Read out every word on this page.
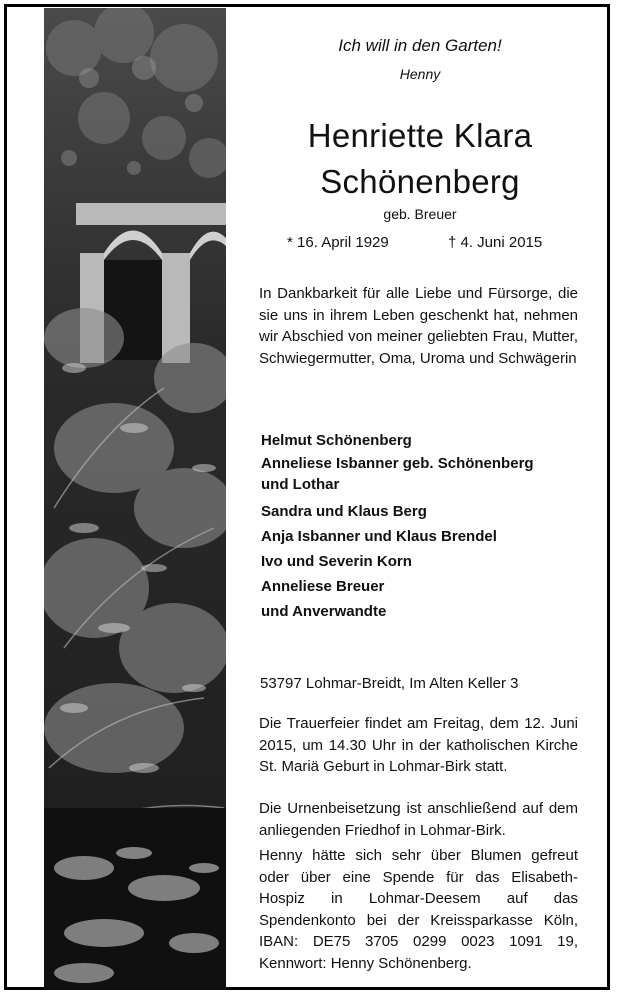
Ich will in den Garten!
Henny
Henriette Klara
Schönenberg
geb. Breuer
* 16. April 1929	† 4. Juni 2015
In Dankbarkeit für alle Liebe und Fürsorge, die sie uns in ihrem Leben geschenkt hat, nehmen wir Abschied von meiner geliebten Frau, Mutter, Schwiegermutter, Oma, Uroma und Schwägerin
Helmut Schönenberg
Anneliese Isbanner geb. Schönenberg
und Lothar
Sandra und Klaus Berg
Anja Isbanner und Klaus Brendel
Ivo und Severin Korn
Anneliese Breuer
und Anverwandte
53797 Lohmar-Breidt, Im Alten Keller 3
Die Trauerfeier findet am Freitag, dem 12. Juni 2015, um 14.30 Uhr in der katholischen Kirche St. Mariä Geburt in Lohmar-Birk statt.
Die Urnenbeisetzung ist anschließend auf dem anliegenden Friedhof in Lohmar-Birk.
Henny hätte sich sehr über Blumen gefreut oder über eine Spende für das Elisabeth-Hospiz in Lohmar-Deesem auf das Spendenkonto bei der Kreissparkasse Köln, IBAN: DE75 3705 0299 0023 1091 19, Kennwort: Henny Schönenberg.
